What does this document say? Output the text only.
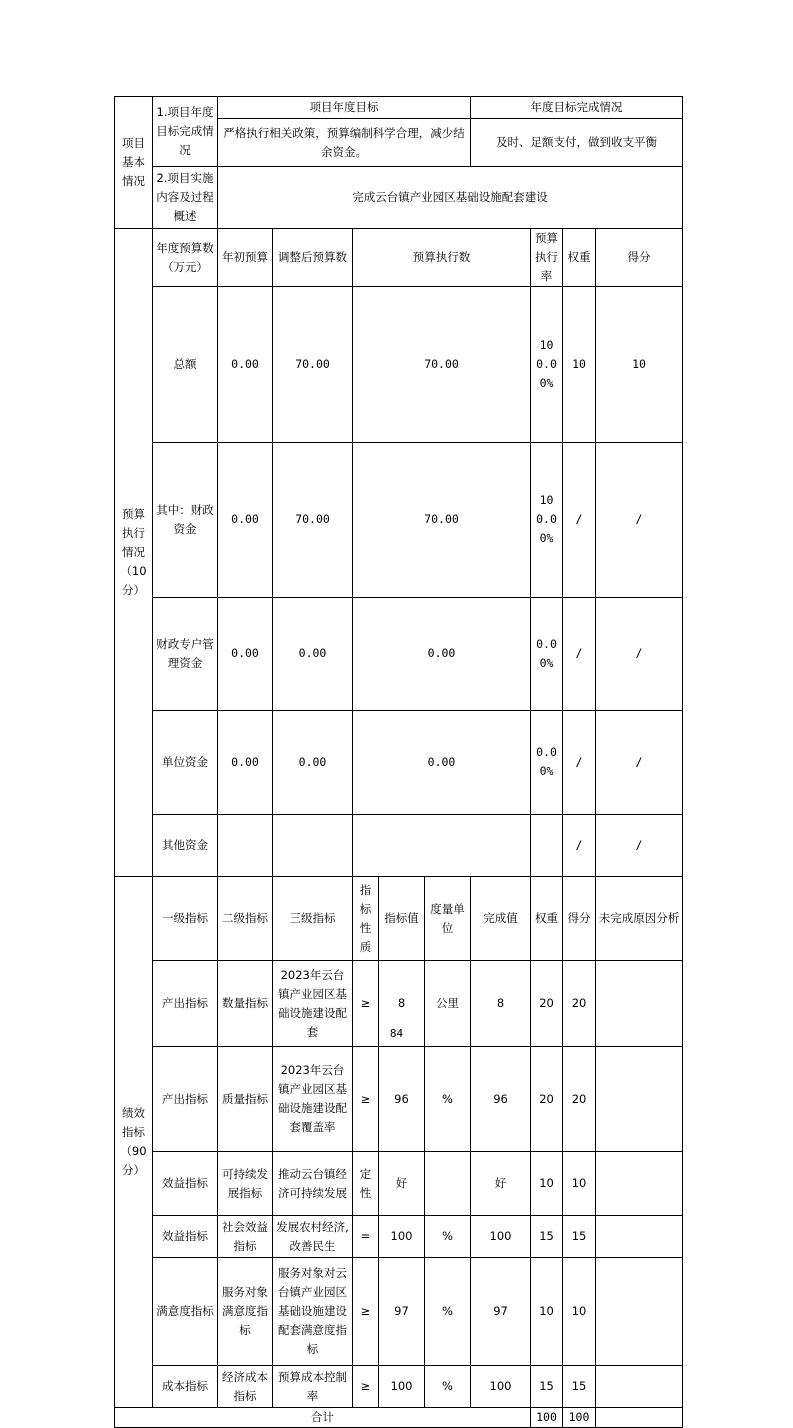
项目基本情况	1.项目年度目标完成情况	项目年度目标					年度目标完成情况				
		严格执行相关政策，预算编制科学合理，减少结余资金。					及时、足额支付，做到收支平衡				
	2.项目实施内容及过程概述	完成云台镇产业园区基础设施配套建设									
预算执行情况（10分）	年度预算数（万元）	年初预算	调整后预算数	预算执行数				预算执行率	权重	得分	
	总额	0.00	70.00	70.00				100.00%	10	10	
	其中：财政资金	0.00	70.00	70.00				100.00%	/	/	
	财政专户管理资金	0.00	0.00	0.00				0.00%	/	/	
	单位资金	0.00	0.00	0.00				0.00%	/	/	
	其他资金								/	/	
绩效指标（90分）	一级指标	二级指标	三级指标	指标性质	指标值	度量单位	完成值	权重	得分	未完成原因分析	
	产出指标	数量指标	2023年云台镇产业园区基础设施建设配套	≥	8	公里	8	20	20		
	产出指标	质量指标	2023年云台镇产业园区基础设施建设配套覆盖率	≥	96	%	96	20	20		
	效益指标	可持续发展指标	推动云台镇经济可持续发展	定性	好		好	10	10		
	效益指标	社会效益指标	发展农村经济,改善民生	=	100	%	100	15	15		
	满意度指标	服务对象满意度指标	服务对象对云台镇产业园区基础设施建设配套满意度指标	≥	97	%	97	10	10		
	成本指标	经济成本指标	预算成本控制率	≥	100	%	100	15	15		
合计								100	100		
84
